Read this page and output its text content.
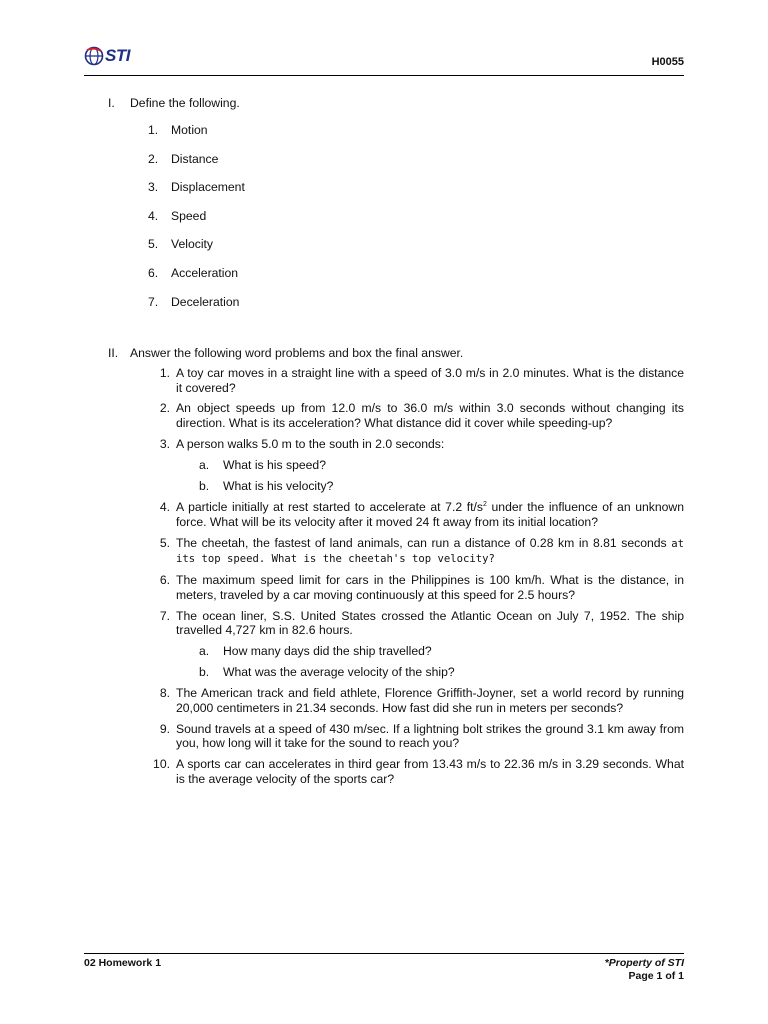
STI	H0055
I. Define the following.
1.	Motion
2.	Distance
3.	Displacement
4.	Speed
5.	Velocity
6.	Acceleration
7.	Deceleration
II. Answer the following word problems and box the final answer.
1. A toy car moves in a straight line with a speed of 3.0 m/s in 2.0 minutes. What is the distance it covered?
2. An object speeds up from 12.0 m/s to 36.0 m/s within 3.0 seconds without changing its direction. What is its acceleration? What distance did it cover while speeding-up?
3. A person walks 5.0 m to the south in 2.0 seconds:
a. What is his speed?
b. What is his velocity?
4. A particle initially at rest started to accelerate at 7.2 $ft/s^2$ under the influence of an unknown force. What will be its velocity after it moved 24 ft away from its initial location?
5. The cheetah, the fastest of land animals, can run a distance of 0.28 km in 8.81 seconds at its top speed. What is the cheetah's top velocity?
6. The maximum speed limit for cars in the Philippines is 100 km/h. What is the distance, in meters, traveled by a car moving continuously at this speed for 2.5 hours?
7. The ocean liner, S.S. United States crossed the Atlantic Ocean on July 7, 1952. The ship travelled 4,727 km in 82.6 hours.
a. How many days did the ship travelled?
b. What was the average velocity of the ship?
8. The American track and field athlete, Florence Griffith-Joyner, set a world record by running 20,000 centimeters in 21.34 seconds. How fast did she run in meters per seconds?
9. Sound travels at a speed of 430 m/sec. If a lightning bolt strikes the ground 3.1 km away from you, how long will it take for the sound to reach you?
10. A sports car can accelerates in third gear from 13.43 m/s to 22.36 m/s in 3.29 seconds. What is the average velocity of the sports car?
02 Homework 1	*Property of STI
Page 1 of 1
